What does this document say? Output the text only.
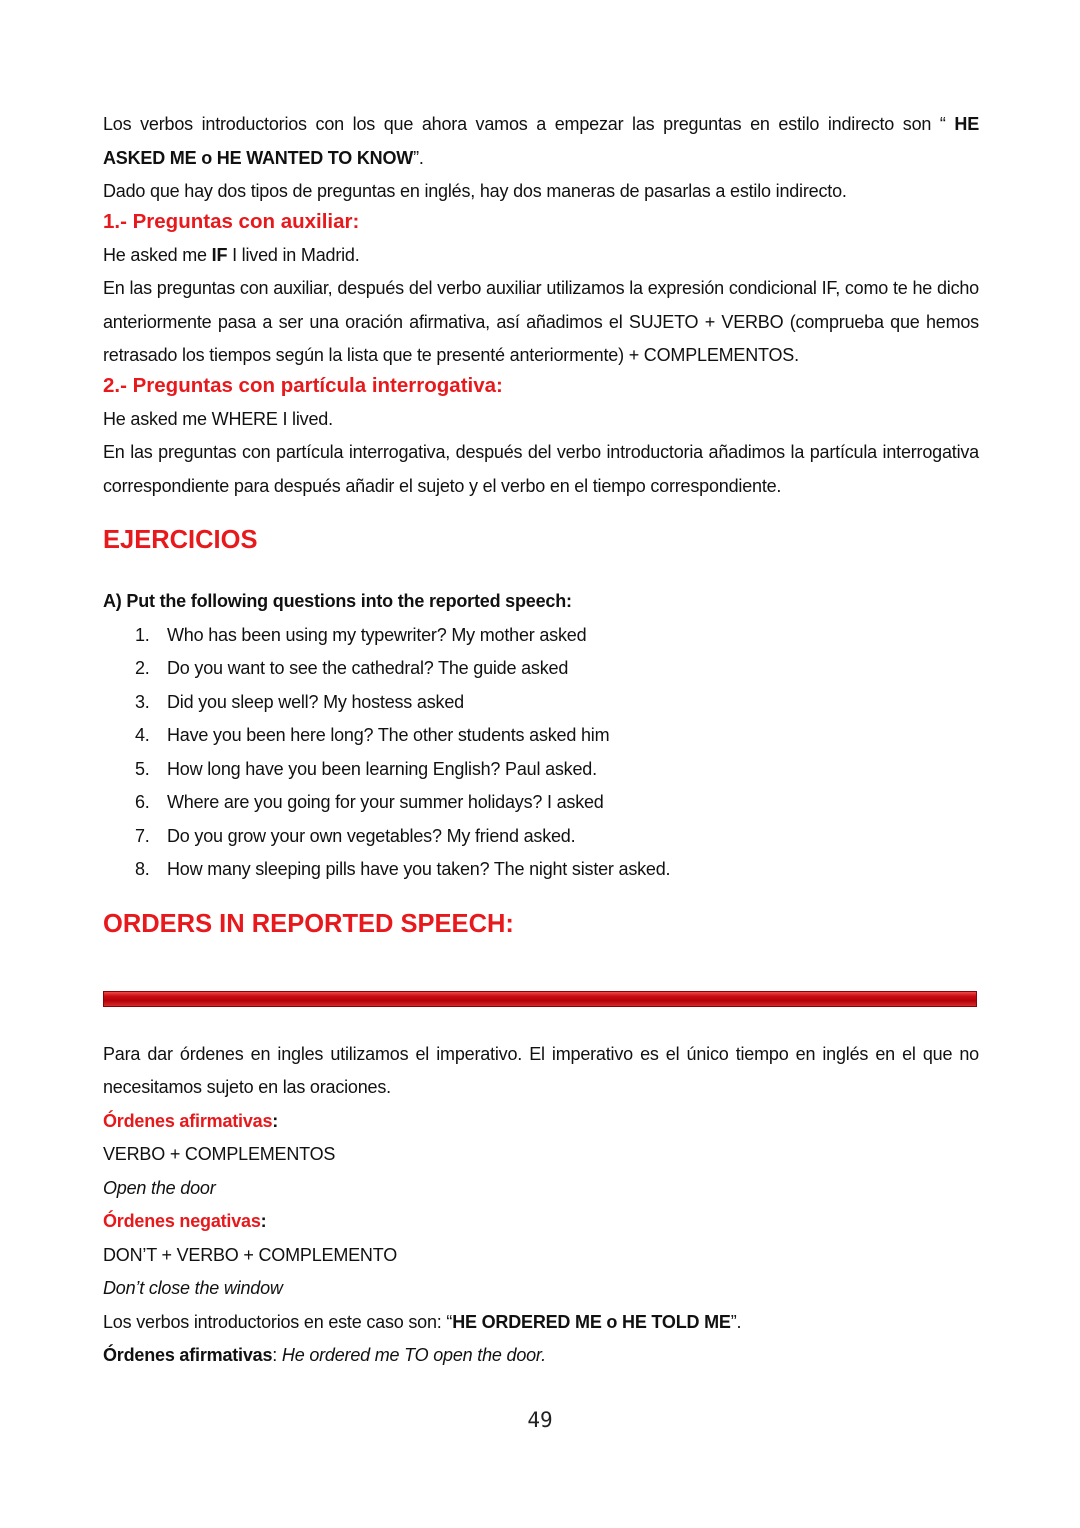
Los verbos introductorios con los que ahora vamos a empezar las preguntas en estilo indirecto son “ HE ASKED ME o HE WANTED TO KNOW”.

Dado que hay dos tipos de preguntas en inglés, hay dos maneras de pasarlas a estilo indirecto.

1.- Preguntas con auxiliar:

He asked me IF I lived in Madrid.

En las preguntas con auxiliar, después del verbo auxiliar utilizamos la expresión condicional IF, como te he dicho anteriormente pasa a ser una oración afirmativa, así añadimos el SUJETO + VERBO (comprueba que hemos retrasado los tiempos según la lista que te presenté anteriormente) + COMPLEMENTOS.

2.- Preguntas con partícula interrogativa:

He asked me WHERE I lived.

En las preguntas con partícula interrogativa, después del verbo introductoria añadimos la partícula interrogativa correspondiente para después añadir el sujeto y el verbo en el tiempo correspondiente.

EJERCICIOS

A) Put the following questions into the reported speech:

1. Who has been using my typewriter? My mother asked
2. Do you want to see the cathedral? The guide asked
3. Did you sleep well? My hostess asked
4. Have you been here long? The other students asked him
5. How long have you been learning English? Paul asked.
6. Where are you going for your summer holidays? I asked
7. Do you grow your own vegetables? My friend asked.
8. How many sleeping pills have you taken? The night sister asked.
ORDERS IN REPORTED SPEECH:

Para dar órdenes en ingles utilizamos el imperativo. El imperativo es el único tiempo en inglés en el que no necesitamos sujeto en las oraciones.

Órdenes afirmativas:

VERBO + COMPLEMENTOS

Open the door

Órdenes negativas:

DON’T + VERBO + COMPLEMENTO

Don’t close the window

Los verbos introductorios en este caso son: “HE ORDERED ME o HE TOLD ME”.

Órdenes afirmativas: He ordered me TO open the door.

49
